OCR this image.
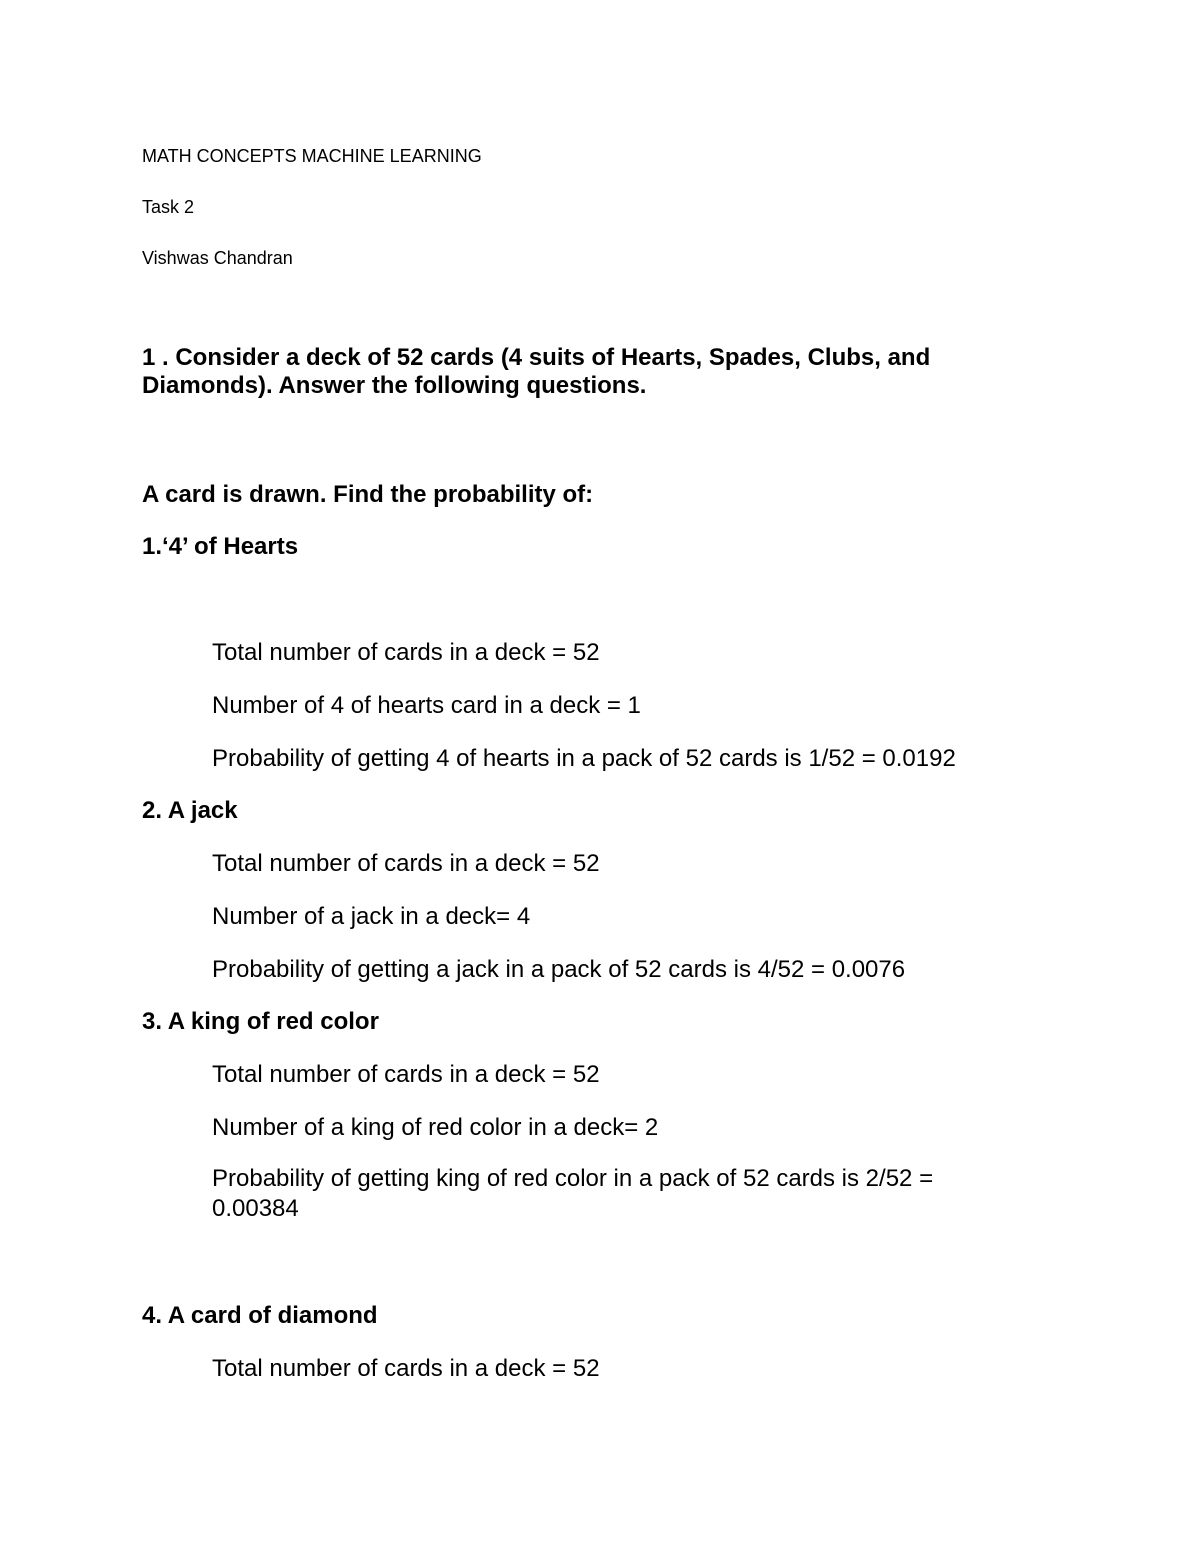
MATH CONCEPTS MACHINE LEARNING
Task 2
Vishwas Chandran
1 . Consider a deck of 52 cards (4 suits of Hearts, Spades, Clubs, and Diamonds). Answer the following questions.
A card is drawn. Find the probability of:
1.‘4’ of Hearts
Total number of cards in a deck = 52
Number of 4 of hearts card in a deck = 1
Probability of getting 4 of hearts in a pack of 52 cards is 1/52 = 0.0192
2. A jack
Total number of cards in a deck = 52
Number of a jack in a deck= 4
Probability of getting a jack in a pack of 52 cards is 4/52 = 0.0076
3. A king of red color
Total number of cards in a deck = 52
Number of a king of red color in a deck= 2
Probability of getting king of red color in a pack of 52 cards is 2/52 = 0.00384
4. A card of diamond
Total number of cards in a deck = 52
